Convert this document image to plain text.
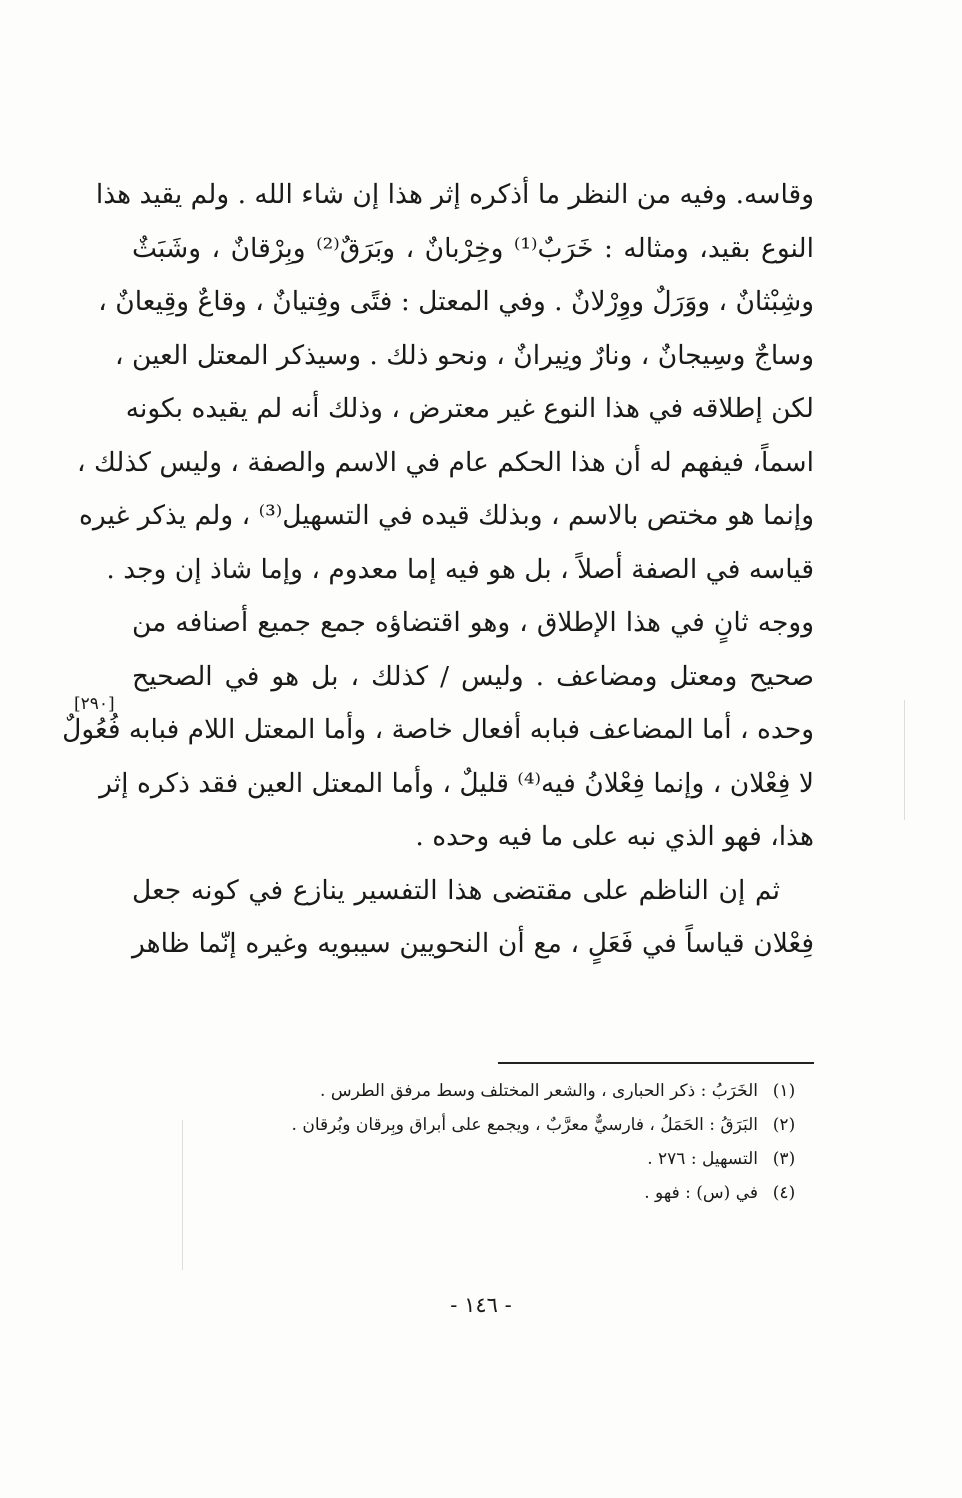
وقاسه. وفيه من النظر ما أذكره إثر هذا إن شاء الله . ولم يقيد هذا
النوع بقيد، ومثاله : خَرَبٌ⁽¹⁾ وخِرْبانٌ ، وبَرَقٌ⁽²⁾ وبِرْقانٌ ، وشَبَثٌ
وشِبْثانٌ ، ووَرَلٌ ووِرْلانٌ . وفي المعتل : فتًى وفِتيانٌ ، وقاعٌ وقِيعانٌ ،
وساجٌ وسِيجانٌ ، ونارٌ ونِيرانٌ ، ونحو ذلك . وسيذكر المعتل العين ،
لكن إطلاقه في هذا النوع غير معترض ، وذلك أنه لم يقيده بكونه
اسماً، فيفهم له أن هذا الحكم عام في الاسم والصفة ، وليس كذلك ،
وإنما هو مختص بالاسم ، وبذلك قيده في التسهيل⁽³⁾ ، ولم يذكر غيره
قياسه في الصفة أصلاً ، بل هو فيه إما معدوم ، وإما شاذ إن وجد .
ووجه ثانٍ في هذا الإطلاق ، وهو اقتضاؤه جمع جميع أصنافه من
صحيح ومعتل ومضاعف . وليس / كذلك ، بل هو في الصحيح
وحده ، أما المضاعف فبابه أفعال خاصة ، وأما المعتل اللام فبابه فُعُولٌ
لا فِعْلان ، وإنما فِعْلانُ فيه⁽⁴⁾ قليلٌ ، وأما المعتل العين فقد ذكره إثر
هذا، فهو الذي نبه على ما فيه وحده .
ثم إن الناظم على مقتضى هذا التفسير ينازع في كونه جعل
فِعْلان قياساً في فَعَلٍ ، مع أن النحويين سيبويه وغيره إنّما ظاهر
[٢٩٠]
(١)
الخَرَبُ : ذكر الحبارى ، والشعر المختلف وسط مرفق الطرس .
(٢)
البَرَقُ : الحَمَلُ ، فارسيٌّ معرَّبٌ ، ويجمع على أبراق وبِرقان وبُرقان .
(٣)
التسهيل : ٢٧٦ .
(٤)
في (س) : فهو .
- ١٤٦ -
